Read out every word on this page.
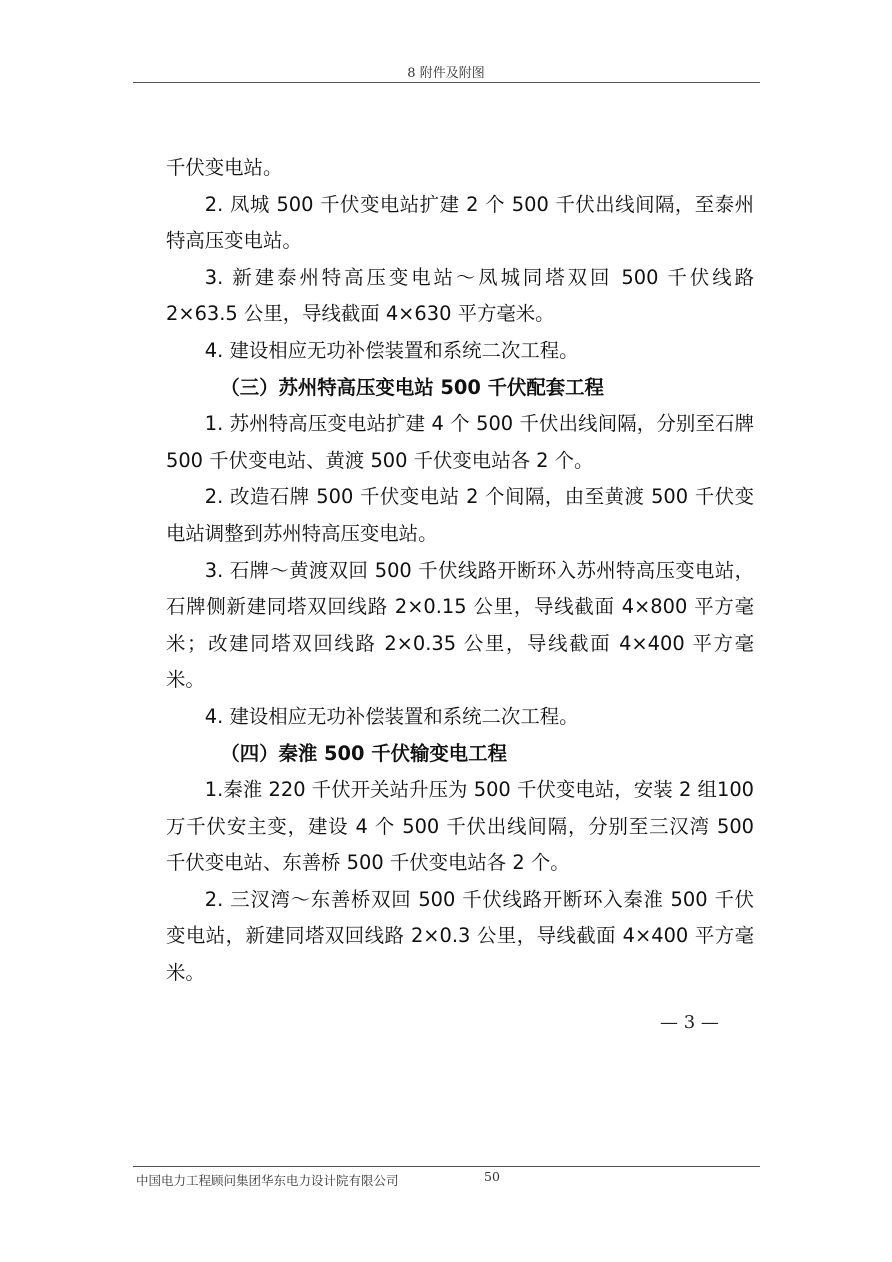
8 附件及附图

千伏变电站。

2. 凤城 500 千伏变电站扩建 2 个 500 千伏出线间隔，至泰州特高压变电站。

3. 新建泰州特高压变电站～凤城同塔双回 500 千伏线路 2×63.5 公里，导线截面 4×630 平方毫米。

4. 建设相应无功补偿装置和系统二次工程。

（三）苏州特高压变电站 500 千伏配套工程

1. 苏州特高压变电站扩建 4 个 500 千伏出线间隔，分别至石牌 500 千伏变电站、黄渡 500 千伏变电站各 2 个。

2. 改造石牌 500 千伏变电站 2 个间隔，由至黄渡 500 千伏变电站调整到苏州特高压变电站。

3. 石牌～黄渡双回 500 千伏线路开断环入苏州特高压变电站，石牌侧新建同塔双回线路 2×0.15 公里，导线截面 4×800 平方毫米；改建同塔双回线路 2×0.35 公里，导线截面 4×400 平方毫米。

4. 建设相应无功补偿装置和系统二次工程。

（四）秦淮 500 千伏输变电工程

1.秦淮 220 千伏开关站升压为 500 千伏变电站，安装 2 组100 万千伏安主变，建设 4 个 500 千伏出线间隔，分别至三汉湾 500 千伏变电站、东善桥 500 千伏变电站各 2 个。

2. 三汊湾～东善桥双回 500 千伏线路开断环入秦淮 500 千伏变电站，新建同塔双回线路 2×0.3 公里，导线截面 4×400 平方毫米。

— 3 —
中国电力工程顾问集团华东电力设计院有限公司	50
